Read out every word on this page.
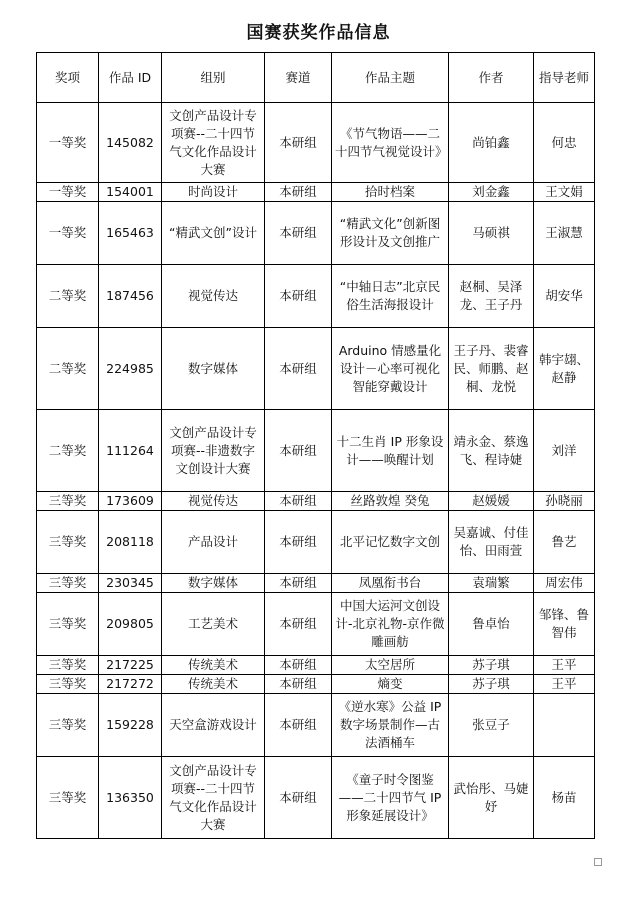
国赛获奖作品信息
奖项	作品 ID	组别	赛道	作品主题	作者	指导老师
一等奖	145082	文创产品设计专项赛--二十四节气文化作品设计大赛	本研组	《节气物语——二十四节气视觉设计》	尚铂鑫	何忠
一等奖	154001	时尚设计	本研组	拾时档案	刘金鑫	王文娟
一等奖	165463	“精武文创”设计	本研组	“精武文化”创新图形设计及文创推广	马硕祺	王淑慧
二等奖	187456	视觉传达	本研组	“中轴日志”北京民俗生活海报设计	赵桐、吴泽龙、王子丹	胡安华
二等奖	224985	数字媒体	本研组	Arduino 情感量化设计－心率可视化智能穿戴设计	王子丹、裴睿民、师鹏、赵桐、龙悦	韩宇翃、赵静
二等奖	111264	文创产品设计专项赛--非遗数字文创设计大赛	本研组	十二生肖 IP 形象设计——唤醒计划	靖永金、蔡逸飞、程诗婕	刘洋
三等奖	173609	视觉传达	本研组	丝路敦煌 癸兔	赵媛媛	孙晓丽
三等奖	208118	产品设计	本研组	北平记忆数字文创	吴嘉诚、付佳怡、田雨萱	鲁艺
三等奖	230345	数字媒体	本研组	凤凰衔书台	袁瑞繁	周宏伟
三等奖	209805	工艺美术	本研组	中国大运河文创设计-北京礼物-京作微雕画舫	鲁卓怡	邹锋、鲁智伟
三等奖	217225	传统美术	本研组	太空居所	苏子琪	王平
三等奖	217272	传统美术	本研组	熵变	苏子琪	王平
三等奖	159228	天空盒游戏设计	本研组	《逆水寒》公益 IP 数字场景制作—古法酒桶车	张豆子	
三等奖	136350	文创产品设计专项赛--二十四节气文化作品设计大赛	本研组	《童子时令图鉴——二十四节气 IP 形象延展设计》	武怡彤、马婕妤	杨苗
